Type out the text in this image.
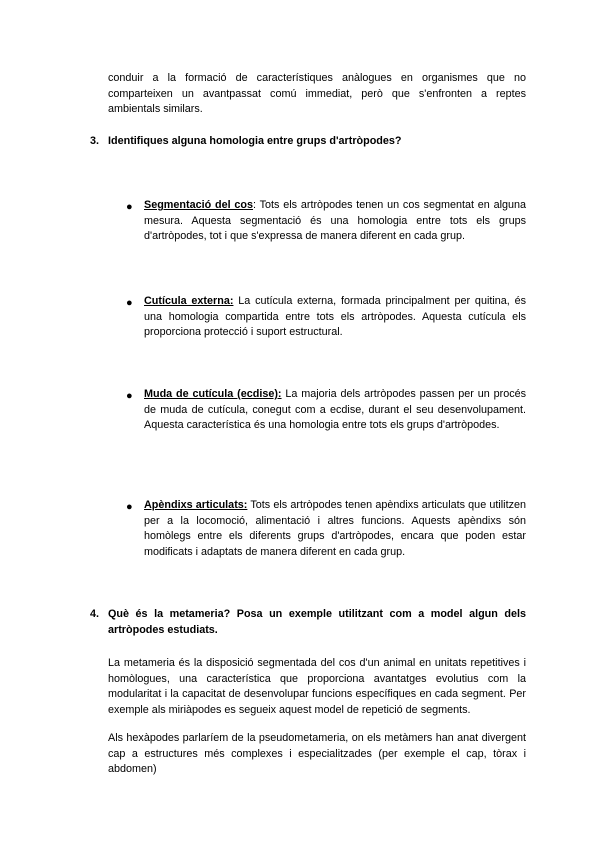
conduir a la formació de característiques anàlogues en organismes que no comparteixen un avantpassat comú immediat, però que s'enfronten a reptes ambientals similars.

3. Identifiques alguna homologia entre grups d'artròpodes?

● Segmentació del cos: Tots els artròpodes tenen un cos segmentat en alguna mesura. Aquesta segmentació és una homologia entre tots els grups d'artròpodes, tot i que s'expressa de manera diferent en cada grup.

● Cutícula externa: La cutícula externa, formada principalment per quitina, és una homologia compartida entre tots els artròpodes. Aquesta cutícula els proporciona protecció i suport estructural.

● Muda de cutícula (ecdise): La majoria dels artròpodes passen per un procés de muda de cutícula, conegut com a ecdise, durant el seu desenvolupament. Aquesta característica és una homologia entre tots els grups d'artròpodes.

● Apèndixs articulats: Tots els artròpodes tenen apèndixs articulats que utilitzen per a la locomoció, alimentació i altres funcions. Aquests apèndixs són homòlegs entre els diferents grups d'artròpodes, encara que poden estar modificats i adaptats de manera diferent en cada grup.

4. Què és la metameria? Posa un exemple utilitzant com a model algun dels artròpodes estudiats.

La metameria és la disposició segmentada del cos d'un animal en unitats repetitives i homòlogues, una característica que proporciona avantatges evolutius com la modularitat i la capacitat de desenvolupar funcions específiques en cada segment. Per exemple als miriàpodes es segueix aquest model de repetició de segments.

Als hexàpodes parlaríem de la pseudometameria, on els metàmers han anat divergent cap a estructures més complexes i especialitzades (per exemple el cap, tòrax i abdomen)
